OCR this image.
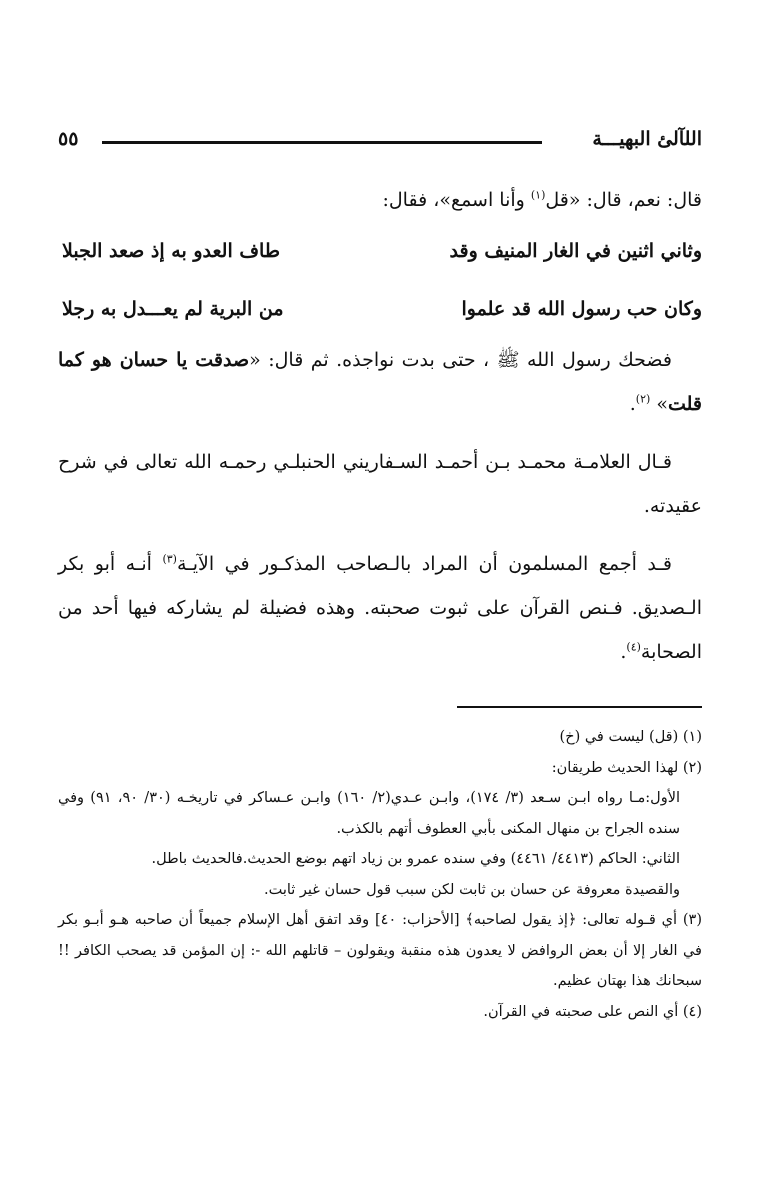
اللآلئ البهيـــة
٥٥

قال: نعم، قال: «قل$^{(١)}$ وأنا اسمع»، فقال:

وثاني اثنين في الغار المنيف وقد
طاف العدو به إذ صعد الجبلا
وكان حب رسول الله قد علموا
من البرية لم يعـــدل به رجلا

فضحك رسول الله ﷺ ، حتى بدت نواجذه. ثم قال: «صدقت يا حسان هو كما قلت» $^{(٢)}$.

قـال العلامـة محمـد بـن أحمـد السـفاريني الحنبلـي رحمـه الله تعالى في شرح عقيدته.

قـد أجمع المسلمون أن المراد بالـصاحب المذكـور في الآيـة$^{(٣)}$ أنـه أبو بكر الـصديق. فـنص القرآن على ثبوت صحبته. وهذه فضيلة لم يشاركه فيها أحد من الصحابة$^{(٤)}$.

(١) (قل) ليست في (خ)

(٢) لهذا الحديث طريقان:

الأول:مـا رواه ابـن سـعد (٣/ ١٧٤)، وابـن عـدي(٢/ ١٦٠) وابـن عـساكر في تاريخـه (٣٠/ ٩٠، ٩١) وفي سنده الجراح بن منهال المكنى بأبي العطوف أتهم بالكذب.

الثاني: الحاكم (٤٤١٣/ ٤٤٦١) وفي سنده عمرو بن زياد اتهم بوضع الحديث.فالحديث باطل.

والقصيدة معروفة عن حسان بن ثابت لكن سبب قول حسان غير ثابت.

(٣) أي قـوله تعالى: ﴿إذ يقول لصاحبه﴾ [الأحزاب: ٤٠] وقد اتفق أهل الإسلام جميعاً أن صاحبه هـو أبـو بكر في الغار إلا أن بعض الروافض لا يعدون هذه منقبة ويقولون – قاتلهم الله -: إن المؤمن قد يصحب الكافر !! سبحانك هذا بهتان عظيم.

(٤) أي النص على صحبته في القرآن.
